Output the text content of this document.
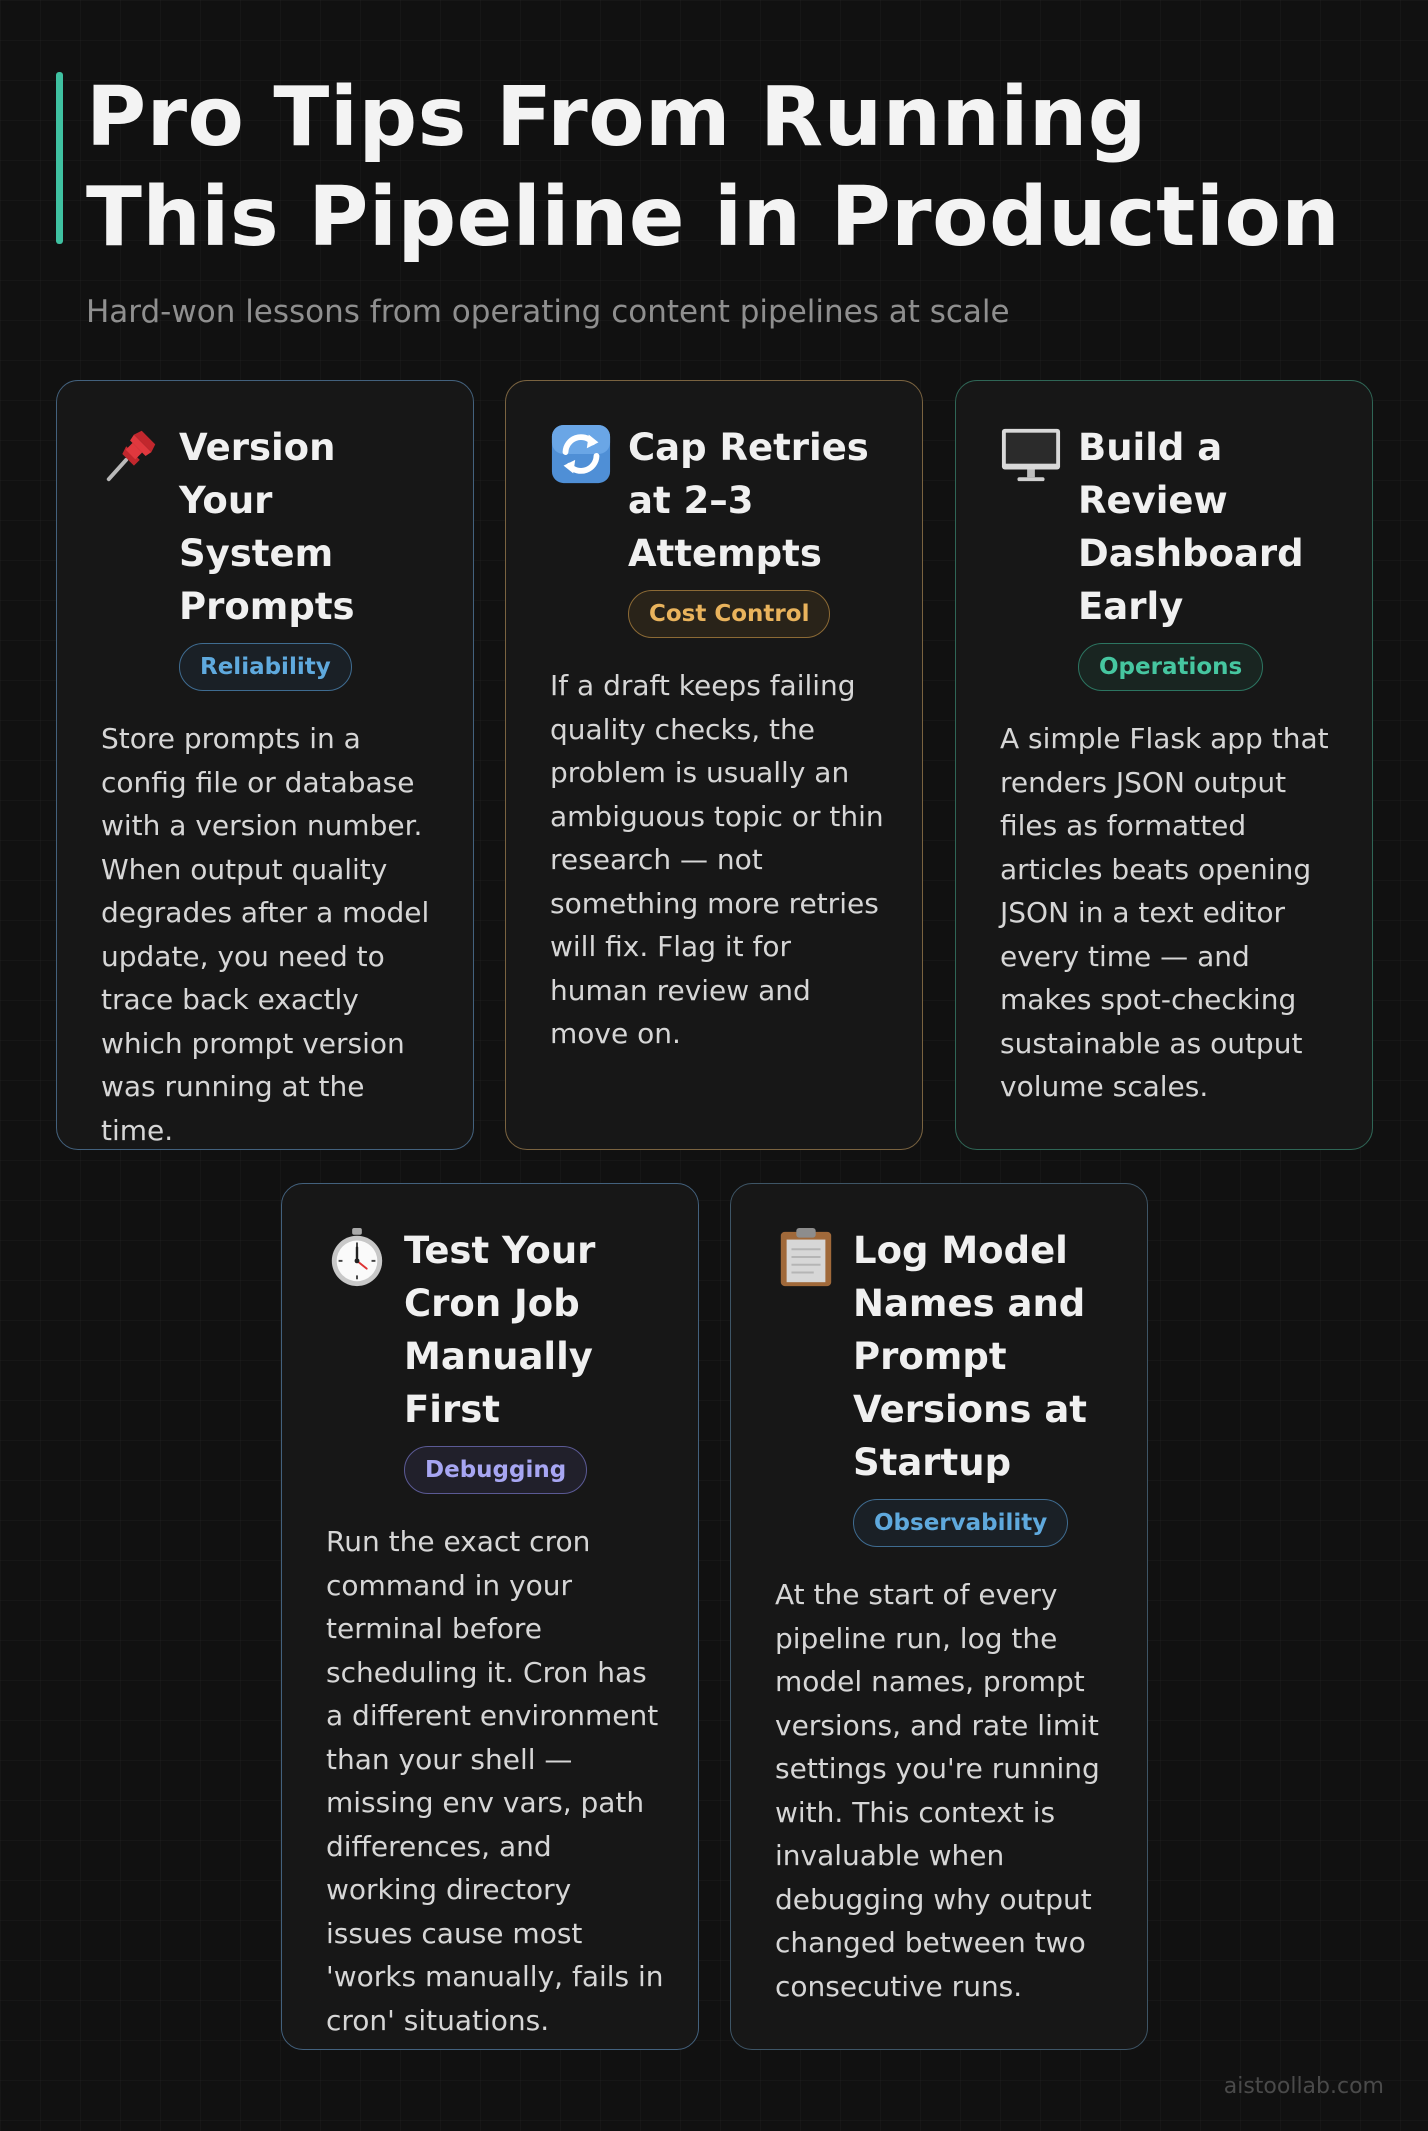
Pro Tips From Running This Pipeline in Production
Hard-won lessons from operating content pipelines at scale
Version Your System Prompts
Reliability

Store prompts in a config file or database with a version number. When output quality degrades after a model update, you need to trace back exactly which prompt version was running at the time.

Cap Retries at 2–3 Attempts
Cost Control

If a draft keeps failing quality checks, the problem is usually an ambiguous topic or thin research — not something more retries will fix. Flag it for human review and move on.

Build a Review Dashboard Early
Operations

A simple Flask app that renders JSON output files as formatted articles beats opening JSON in a text editor every time — and makes spot-checking sustainable as output volume scales.

Test Your Cron Job Manually First
Debugging

Run the exact cron command in your terminal before scheduling it. Cron has a different environment than your shell — missing env vars, path differences, and working directory issues cause most 'works manually, fails in cron' situations.

Log Model Names and Prompt Versions at Startup
Observability

At the start of every pipeline run, log the model names, prompt versions, and rate limit settings you're running with. This context is invaluable when debugging why output changed between two consecutive runs.

aistoollab.com
